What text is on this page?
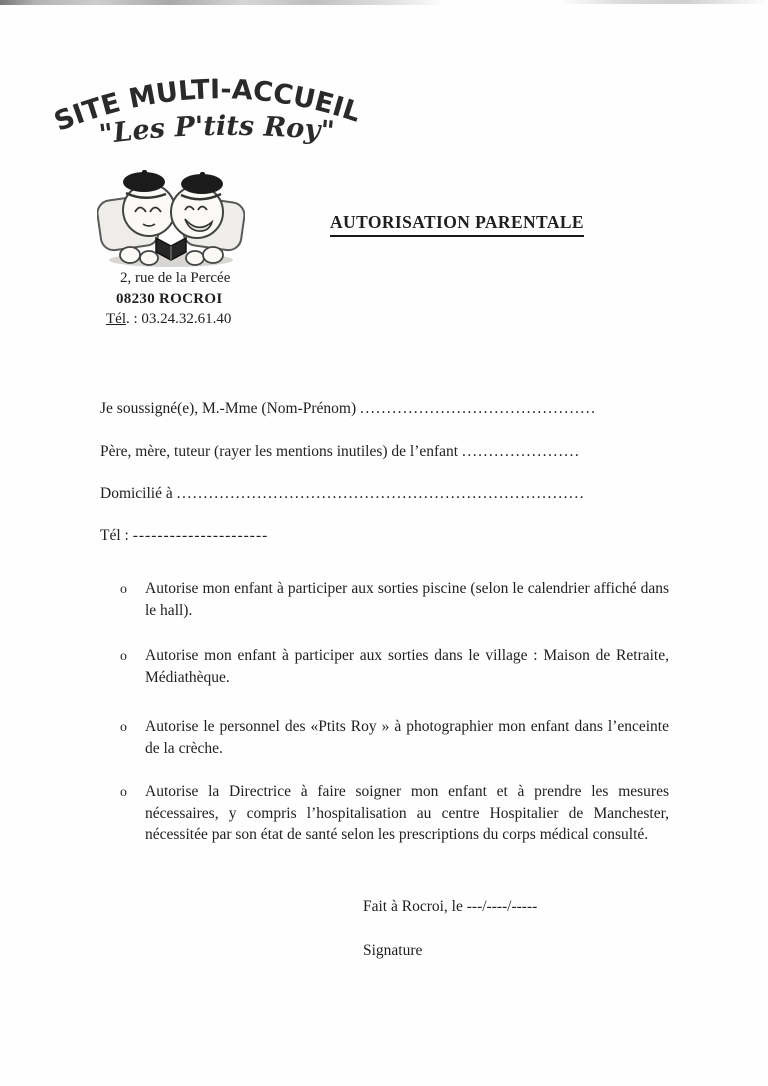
SITE MULTI-ACCUEIL
"Les P'tits Roy"
AUTORISATION PARENTALE
2, rue de la Percée
08230 ROCROI
Tél. : 03.24.32.61.40
Je soussigné(e), M.-Mme (Nom-Prénom) ............................................
Père, mère, tuteur (rayer les mentions inutiles) de l’enfant ......................
Domicilié à ............................................................................
Tél : ----------------------
o	Autorise mon enfant à participer aux sorties piscine (selon le calendrier affiché dans le hall).
o	Autorise mon enfant à participer aux sorties dans le village : Maison de Retraite, Médiathèque.
o	Autorise le personnel des «Ptits Roy » à photographier mon enfant dans l’enceinte de la crèche.
o	Autorise la Directrice à faire soigner mon enfant et à prendre les mesures nécessaires, y compris l’hospitalisation au centre Hospitalier de Manchester, nécessitée par son état de santé selon les prescriptions du corps médical consulté.
Fait à Rocroi, le ---/----/-----
Signature
